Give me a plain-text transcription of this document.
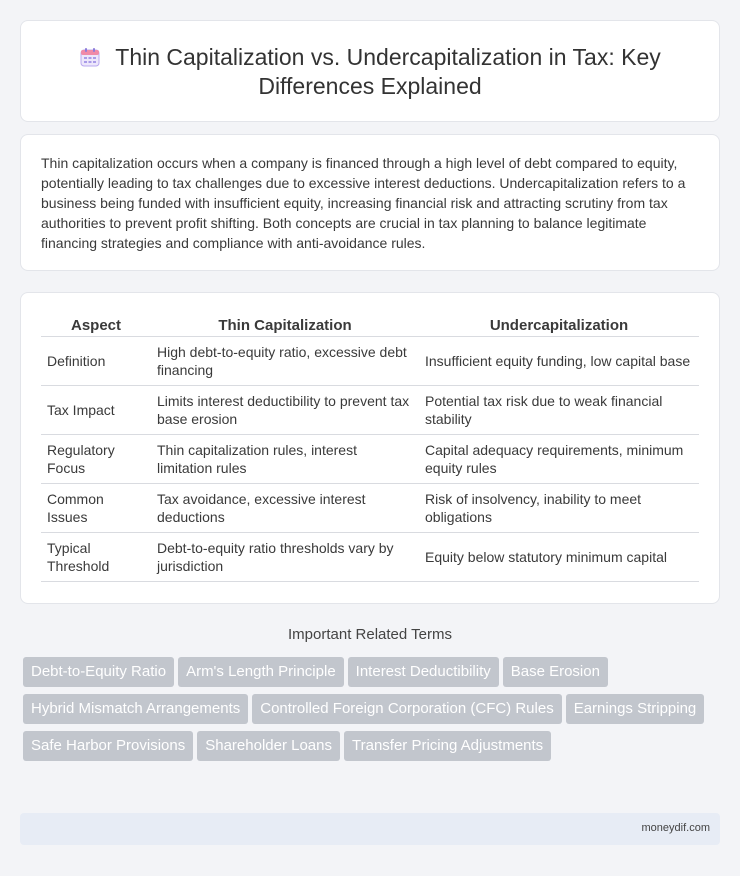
Thin Capitalization vs. Undercapitalization in Tax: Key Differences Explained

Thin capitalization occurs when a company is financed through a high level of debt compared to equity, potentially leading to tax challenges due to excessive interest deductions. Undercapitalization refers to a business being funded with insufficient equity, increasing financial risk and attracting scrutiny from tax authorities to prevent profit shifting. Both concepts are crucial in tax planning to balance legitimate financing strategies and compliance with anti-avoidance rules.

Aspect	Thin Capitalization	Undercapitalization
Definition	High debt-to-equity ratio, excessive debt financing	Insufficient equity funding, low capital base
Tax Impact	Limits interest deductibility to prevent tax base erosion	Potential tax risk due to weak financial stability
Regulatory Focus	Thin capitalization rules, interest limitation rules	Capital adequacy requirements, minimum equity rules
Common Issues	Tax avoidance, excessive interest deductions	Risk of insolvency, inability to meet obligations
Typical Threshold	Debt-to-equity ratio thresholds vary by jurisdiction	Equity below statutory minimum capital
Important Related Terms
Debt-to-Equity Ratio Arm's Length Principle Interest Deductibility Base ErosionHybrid Mismatch Arrangements Controlled Foreign Corporation (CFC) Rules Earnings StrippingSafe Harbor Provisions Shareholder Loans Transfer Pricing Adjustments
moneydif.com
